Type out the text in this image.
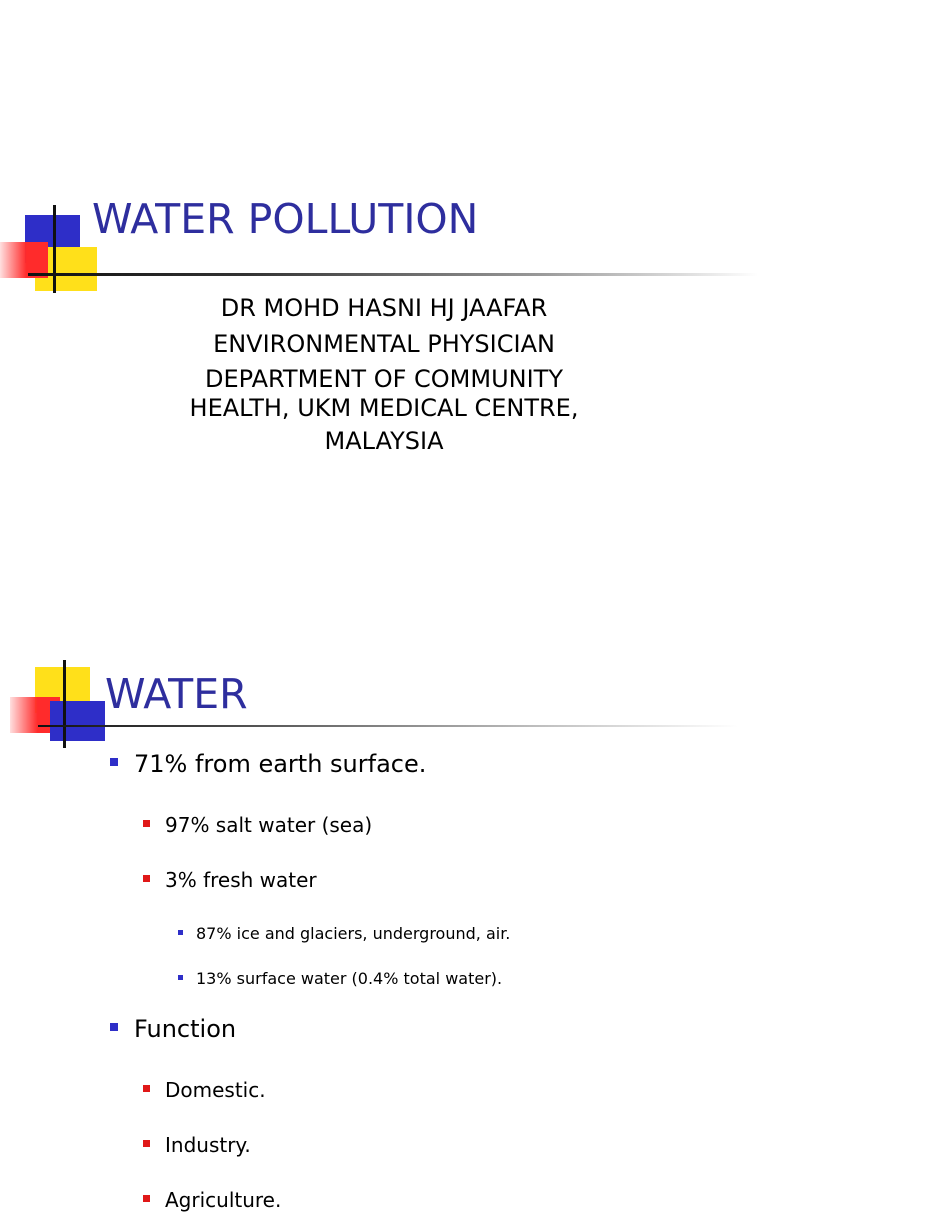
WATER POLLUTION
DR MOHD HASNI HJ JAAFAR
ENVIRONMENTAL PHYSICIAN
DEPARTMENT OF COMMUNITY
HEALTH, UKM MEDICAL CENTRE,
MALAYSIA
WATER
71% from earth surface.
97% salt water (sea)
3% fresh water
87% ice and glaciers, underground, air.
13% surface water (0.4% total water).
Function
Domestic.
Industry.
Agriculture.
